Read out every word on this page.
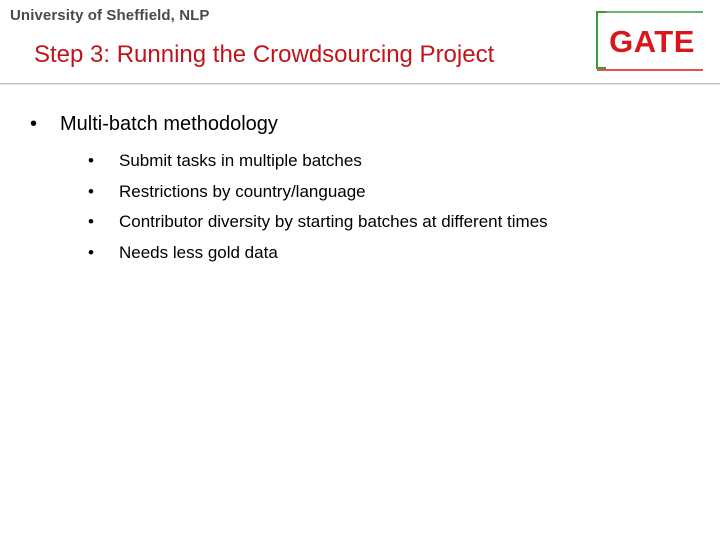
University of Sheffield, NLP
Step 3: Running the Crowdsourcing Project	GATE
• Multi-batch methodology
•	Submit tasks in multiple batches
•	Restrictions by country/language
•	Contributor diversity by starting batches at different times
•	Needs less gold data
